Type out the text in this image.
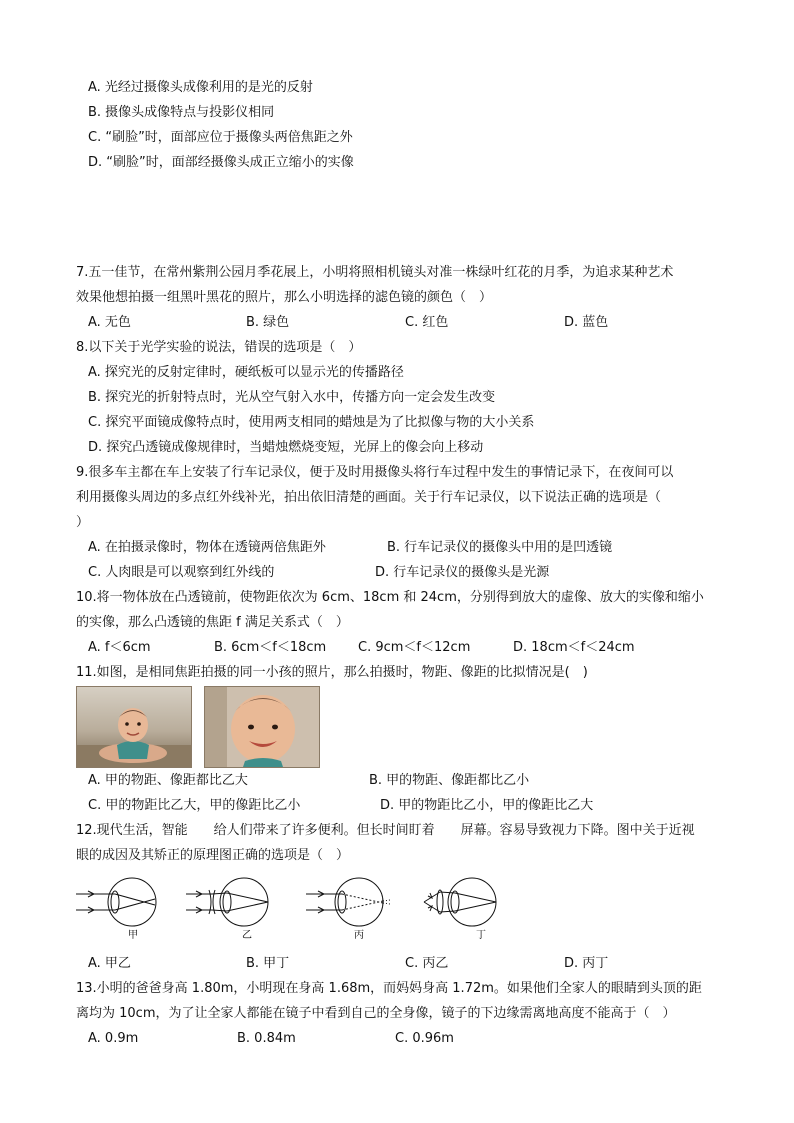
A. 光经过摄像头成像利用的是光的反射
B. 摄像头成像特点与投影仪相同
C. “刷脸”时，面部应位于摄像头两倍焦距之外
D. “刷脸”时，面部经摄像头成正立缩小的实像
7.五一佳节，在常州紫荆公园月季花展上，小明将照相机镜头对准一株绿叶红花的月季，为追求某种艺术
效果他想拍摄一组黑叶黑花的照片，那么小明选择的滤色镜的颜色（　）
A. 无色	B. 绿色	C. 红色	D. 蓝色
8.以下关于光学实验的说法，错误的选项是（　）
A. 探究光的反射定律时，硬纸板可以显示光的传播路径
B. 探究光的折射特点时，光从空气射入水中，传播方向一定会发生改变
C. 探究平面镜成像特点时，使用两支相同的蜡烛是为了比拟像与物的大小关系
D. 探究凸透镜成像规律时，当蜡烛燃烧变短，光屏上的像会向上移动
9.很多车主都在车上安装了行车记录仪，便于及时用摄像头将行车过程中发生的事情记录下，在夜间可以
利用摄像头周边的多点红外线补光，拍出依旧清楚的画面。关于行车记录仪，以下说法正确的选项是（
）
A. 在拍摄录像时，物体在透镜两倍焦距外	B. 行车记录仪的摄像头中用的是凹透镜
C. 人肉眼是可以观察到红外线的	D. 行车记录仪的摄像头是光源
10.将一物体放在凸透镜前，使物距依次为 6cm、18cm 和 24cm，分别得到放大的虚像、放大的实像和缩小
的实像，那么凸透镜的焦距 f 满足关系式（　）
A. f＜6cm	B. 6cm＜f＜18cm C. 9cm＜f＜12cm	D. 18cm＜f＜24cm
11.如图，是相同焦距拍摄的同一小孩的照片，那么拍摄时，物距、像距的比拟情况是(　)
A. 甲的物距、像距都比乙大	B. 甲的物距、像距都比乙小
C. 甲的物距比乙大，甲的像距比乙小	D. 甲的物距比乙小，甲的像距比乙大
12.现代生活，智能　　给人们带来了许多便利。但长时间盯着　　屏幕。容易导致视力下降。图中关于近视
眼的成因及其矫正的原理图正确的选项是（　）
甲	乙	丙	丁
A. 甲乙	B. 甲丁	C. 丙乙	D. 丙丁
13.小明的爸爸身高 1.80m，小明现在身高 1.68m，而妈妈身高 1.72m。如果他们全家人的眼睛到头顶的距
离均为 10cm，为了让全家人都能在镜子中看到自己的全身像，镜子的下边缘需离地高度不能高于（　）
A. 0.9m	B. 0.84m	C. 0.96m
